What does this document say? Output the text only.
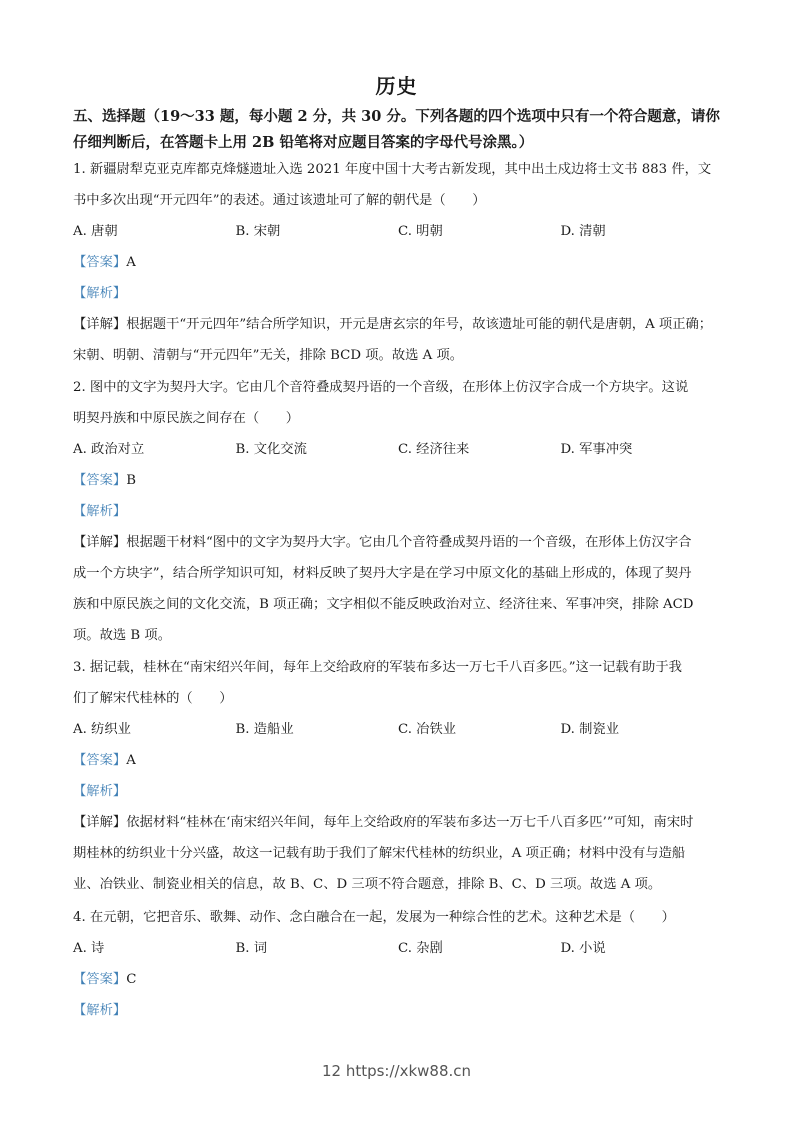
历史
五、选择题（19～33 题，每小题 2 分，共 30 分。下列各题的四个选项中只有一个符合题意，请你仔细判断后，在答题卡上用 2B 铅笔将对应题目答案的字母代号涂黑。）
1. 新疆尉犁克亚克库都克烽燧遗址入选 2021 年度中国十大考古新发现，其中出土戍边将士文书 883 件，文
书中多次出现“开元四年”的表述。通过该遗址可了解的朝代是（　　）
A. 唐朝	B. 宋朝	C. 明朝	D. 清朝
【答案】A
【解析】
【详解】根据题干“开元四年”结合所学知识，开元是唐玄宗的年号，故该遗址可能的朝代是唐朝，A 项正确；
宋朝、明朝、清朝与“开元四年”无关，排除 BCD 项。故选 A 项。
2. 图中的文字为契丹大字。它由几个音符叠成契丹语的一个音级，在形体上仿汉字合成一个方块字。这说
明契丹族和中原民族之间存在（　　）
A. 政治对立	B. 文化交流	C. 经济往来	D. 军事冲突
【答案】B
【解析】
【详解】根据题干材料“图中的文字为契丹大字。它由几个音符叠成契丹语的一个音级，在形体上仿汉字合
成一个方块字”，结合所学知识可知，材料反映了契丹大字是在学习中原文化的基础上形成的，体现了契丹
族和中原民族之间的文化交流，B 项正确；文字相似不能反映政治对立、经济往来、军事冲突，排除 ACD
项。故选 B 项。
3. 据记载，桂林在“南宋绍兴年间，每年上交给政府的军装布多达一万七千八百多匹。”这一记载有助于我
们了解宋代桂林的（　　）
A. 纺织业	B. 造船业	C. 冶铁业	D. 制瓷业
【答案】A
【解析】
【详解】依据材料“桂林在‘南宋绍兴年间，每年上交给政府的军装布多达一万七千八百多匹’”可知，南宋时
期桂林的纺织业十分兴盛，故这一记载有助于我们了解宋代桂林的纺织业，A 项正确；材料中没有与造船
业、冶铁业、制瓷业相关的信息，故 B、C、D 三项不符合题意，排除 B、C、D 三项。故选 A 项。
4. 在元朝，它把音乐、歌舞、动作、念白融合在一起，发展为一种综合性的艺术。这种艺术是（　　）
A. 诗	B. 词	C. 杂剧	D. 小说
【答案】C
【解析】
12 https://xkw88.cn
